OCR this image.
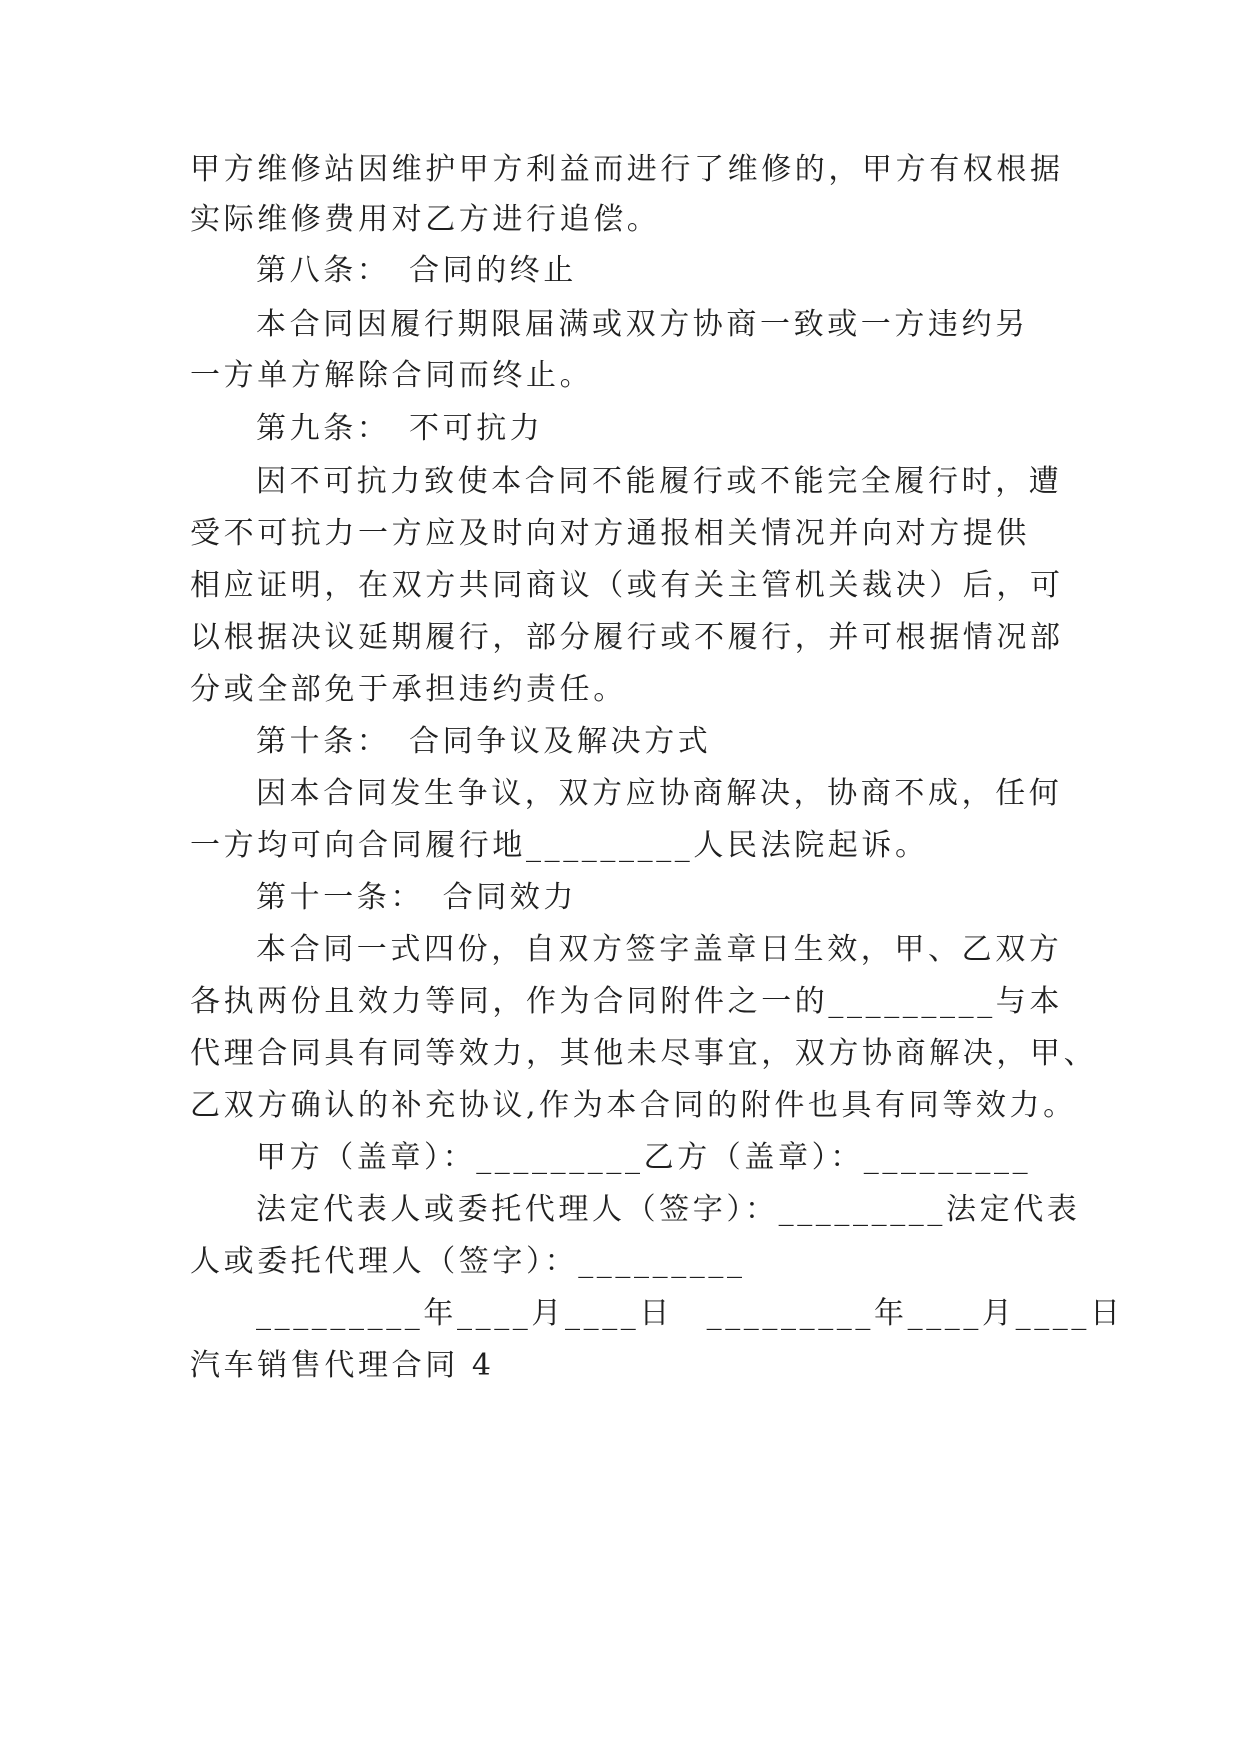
甲方维修站因维护甲方利益而进行了维修的，甲方有权根据
实际维修费用对乙方进行追偿。
第八条：　合同的终止
本合同因履行期限届满或双方协商一致或一方违约另
一方单方解除合同而终止。
第九条：　不可抗力
因不可抗力致使本合同不能履行或不能完全履行时，遭
受不可抗力一方应及时向对方通报相关情况并向对方提供
相应证明，在双方共同商议（或有关主管机关裁决）后，可
以根据决议延期履行，部分履行或不履行，并可根据情况部
分或全部免于承担违约责任。
第十条：　合同争议及解决方式
因本合同发生争议，双方应协商解决，协商不成，任何
一方均可向合同履行地_________人民法院起诉。
第十一条：　合同效力
本合同一式四份，自双方签字盖章日生效，甲、乙双方
各执两份且效力等同，作为合同附件之一的_________与本
代理合同具有同等效力，其他未尽事宜，双方协商解决，甲、
乙双方确认的补充协议,作为本合同的附件也具有同等效力。
甲方（盖章）：_________乙方（盖章）：_________
法定代表人或委托代理人（签字）：_________法定代表
人或委托代理人（签字）：_________
_________年____月____日　_________年____月____日
汽车销售代理合同 4
